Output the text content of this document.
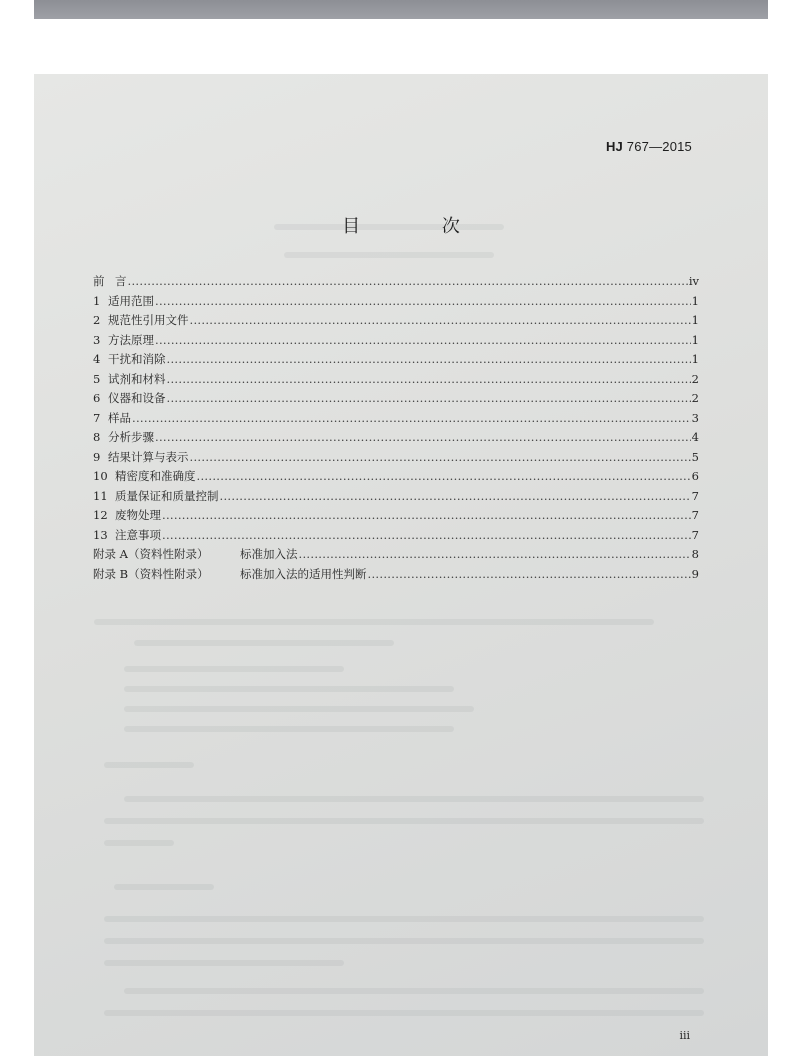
HJ 767—2015
目 次
前 言 .....	iv
1 适用范围 .....	1
2 规范性引用文件 .....	1
3 方法原理 .....	1
4 干扰和消除 .....	1
5 试剂和材料 .....	2
6 仪器和设备 .....	2
7 样品 .....	3
8 分析步骤 .....	4
9 结果计算与表示 .....	5
10 精密度和准确度 .....	6
11 质量保证和质量控制 .....	7
12 废物处理 .....	7
13 注意事项 .....	7
附录 A（资料性附录）	标准加入法 .....	8
附录 B（资料性附录）	标准加入法的适用性判断 .....	9
iii
